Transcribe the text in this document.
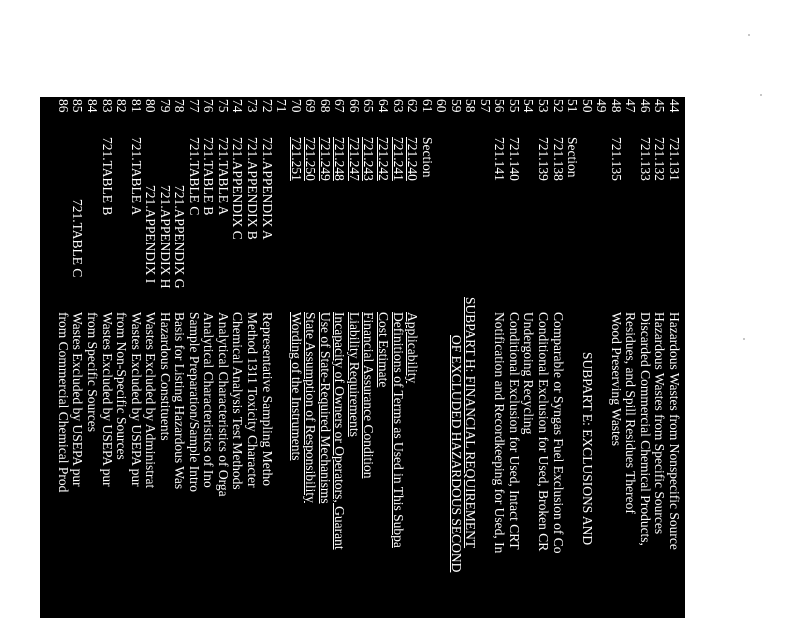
44
721.131
Hazardous Wastes from Nonspecific Source
45
721.132
Hazardous Wastes from Specific Sources
46
721.133
Discarded Commercial Chemical Products,
47
Residues, and Spill Residues Thereof
48
721.135
Wood Preserving Wastes
49
50
SUBPART E: EXCLUSIONS AND
51
Section
52
721.138
Comparable or Syngas Fuel Exclusion of Co
53
721.139
Conditional Exclusion for Used, Broken CR
54
Undergoing Recycling
55
721.140
Conditional Exclusion for Used, Intact CRT
56
721.141
Notification and Recordkeeping for Used, In
57
58
SUBPART H: FINANCIAL REQUIREMENT
59
OF EXCLUDED HAZARDOUS SECOND
60
61
Section
62
721.240
Applicability
63
721.241
Definitions of Terms as Used in This Subpa
64
721.242
Cost Estimate
65
721.243
Financial Assurance Condition
66
721.247
Liability Requirements
67
721.248
Incapacity of Owners or Operators, Guarant
68
721.249
Use of State-Required Mechanisms
69
721.250
State Assumption of Responsibility
70
721.251
Wording of the Instruments
71
72
721.APPENDIX A
Representative Sampling Metho
73
721.APPENDIX B
Method 1311 Toxicity Character
74
721.APPENDIX C
Chemical Analysis Test Methods
75
721.TABLE A
Analytical Characteristics of Orga
76
721.TABLE B
Analytical Characteristics of Ino
77
721.TABLE C
Sample Preparation/Sample Intro
78
721.APPENDIX G
Basis for Listing Hazardous Was
79
721.APPENDIX H
Hazardous Constituents
80
721.APPENDIX I
Wastes Excluded by Administrat
81
721.TABLE A
Wastes Excluded by USEPA pur
82
from Non-Specific Sources
83
721.TABLE B
Wastes Excluded by USEPA pur
84
from Specific Sources
85
721.TABLE C
Wastes Excluded by USEPA pur
86
from Commercial Chemical Prod
